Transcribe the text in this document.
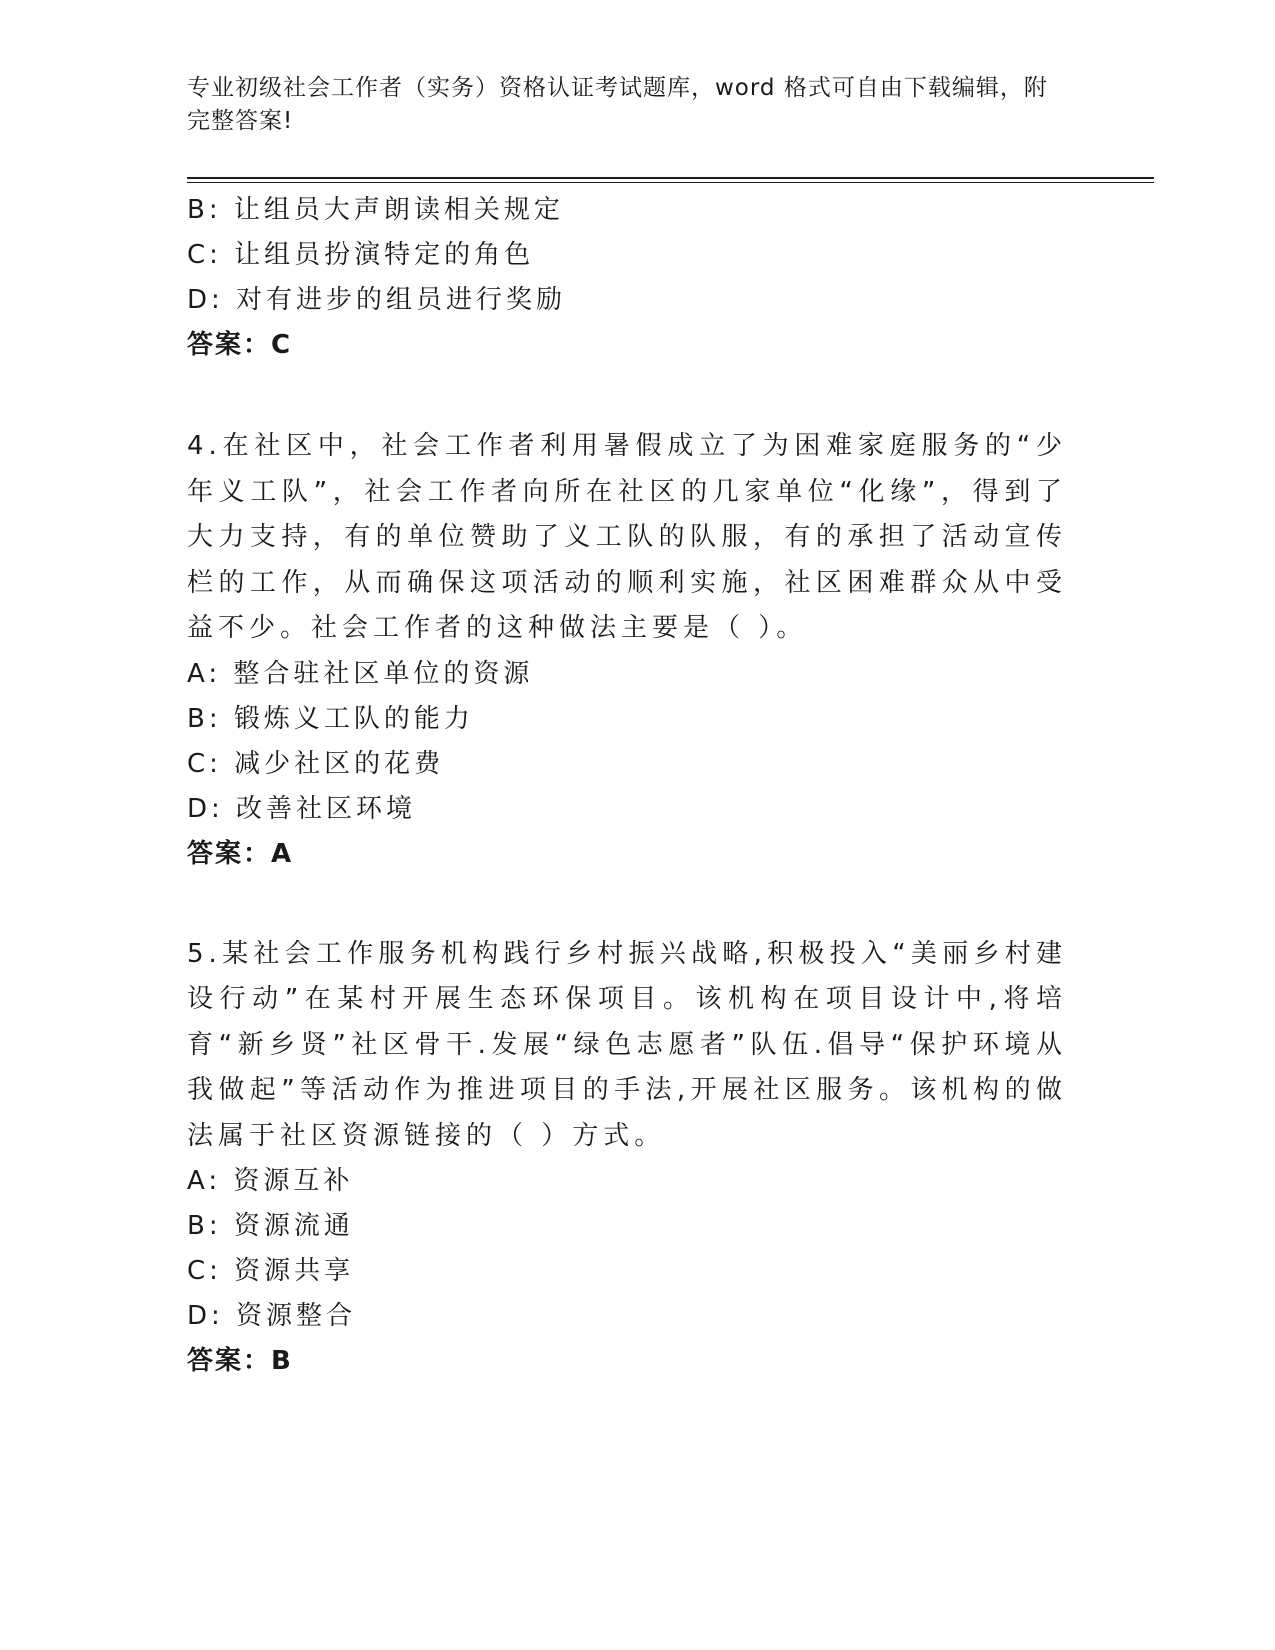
专业初级社会工作者（实务）资格认证考试题库，word 格式可自由下载编辑，附完整答案!
B: 让组员大声朗读相关规定
C: 让组员扮演特定的角色
D: 对有进步的组员进行奖励
答案：C
4.在社区中，社会工作者利用暑假成立了为困难家庭服务的“少年义工队”，社会工作者向所在社区的几家单位“化缘”，得到了大力支持，有的单位赞助了义工队的队服，有的承担了活动宣传栏的工作，从而确保这项活动的顺利实施，社区困难群众从中受益不少。社会工作者的这种做法主要是（ ）。
A: 整合驻社区单位的资源
B: 锻炼义工队的能力
C: 减少社区的花费
D: 改善社区环境
答案：A
5.某社会工作服务机构践行乡村振兴战略,积极投入“美丽乡村建设行动”在某村开展生态环保项目。该机构在项目设计中,将培育“新乡贤”社区骨干.发展“绿色志愿者”队伍.倡导“保护环境从我做起”等活动作为推进项目的手法,开展社区服务。该机构的做法属于社区资源链接的（ ）方式。
A: 资源互补
B: 资源流通
C: 资源共享
D: 资源整合
答案：B
